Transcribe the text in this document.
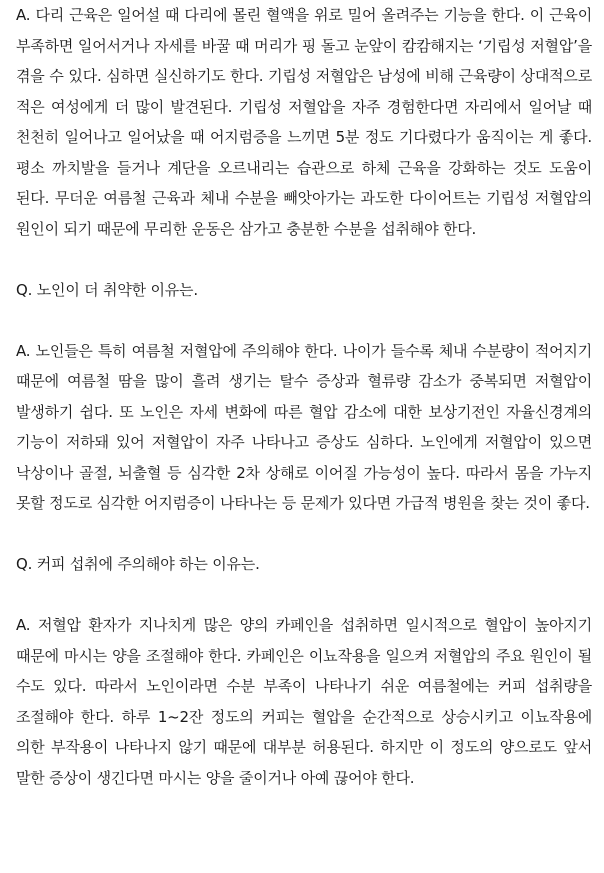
A. 다리 근육은 일어설 때 다리에 몰린 혈액을 위로 밀어 올려주는 기능을 한다. 이 근육이 부족하면 일어서거나 자세를 바꿀 때 머리가 핑 돌고 눈앞이 캄캄해지는 ‘기립성 저혈압’을 겪을 수 있다. 심하면 실신하기도 한다. 기립성 저혈압은 남성에 비해 근육량이 상대적으로 적은 여성에게 더 많이 발견된다. 기립성 저혈압을 자주 경험한다면 자리에서 일어날 때 천천히 일어나고 일어났을 때 어지럼증을 느끼면 5분 정도 기다렸다가 움직이는 게 좋다. 평소 까치발을 들거나 계단을 오르내리는 습관으로 하체 근육을 강화하는 것도 도움이 된다. 무더운 여름철 근육과 체내 수분을 빼앗아가는 과도한 다이어트는 기립성 저혈압의 원인이 되기 때문에 무리한 운동은 삼가고 충분한 수분을 섭취해야 한다.

Q. 노인이 더 취약한 이유는.

A. 노인들은 특히 여름철 저혈압에 주의해야 한다. 나이가 들수록 체내 수분량이 적어지기 때문에 여름철 땀을 많이 흘려 생기는 탈수 증상과 혈류량 감소가 중복되면 저혈압이 발생하기 쉽다. 또 노인은 자세 변화에 따른 혈압 감소에 대한 보상기전인 자율신경계의 기능이 저하돼 있어 저혈압이 자주 나타나고 증상도 심하다. 노인에게 저혈압이 있으면 낙상이나 골절, 뇌출혈 등 심각한 2차 상해로 이어질 가능성이 높다. 따라서 몸을 가누지 못할 정도로 심각한 어지럼증이 나타나는 등 문제가 있다면 가급적 병원을 찾는 것이 좋다.

Q. 커피 섭취에 주의해야 하는 이유는.

A. 저혈압 환자가 지나치게 많은 양의 카페인을 섭취하면 일시적으로 혈압이 높아지기 때문에 마시는 양을 조절해야 한다. 카페인은 이뇨작용을 일으켜 저혈압의 주요 원인이 될 수도 있다. 따라서 노인이라면 수분 부족이 나타나기 쉬운 여름철에는 커피 섭취량을 조절해야 한다. 하루 1~2잔 정도의 커피는 혈압을 순간적으로 상승시키고 이뇨작용에 의한 부작용이 나타나지 않기 때문에 대부분 허용된다. 하지만 이 정도의 양으로도 앞서 말한 증상이 생긴다면 마시는 양을 줄이거나 아예 끊어야 한다.
